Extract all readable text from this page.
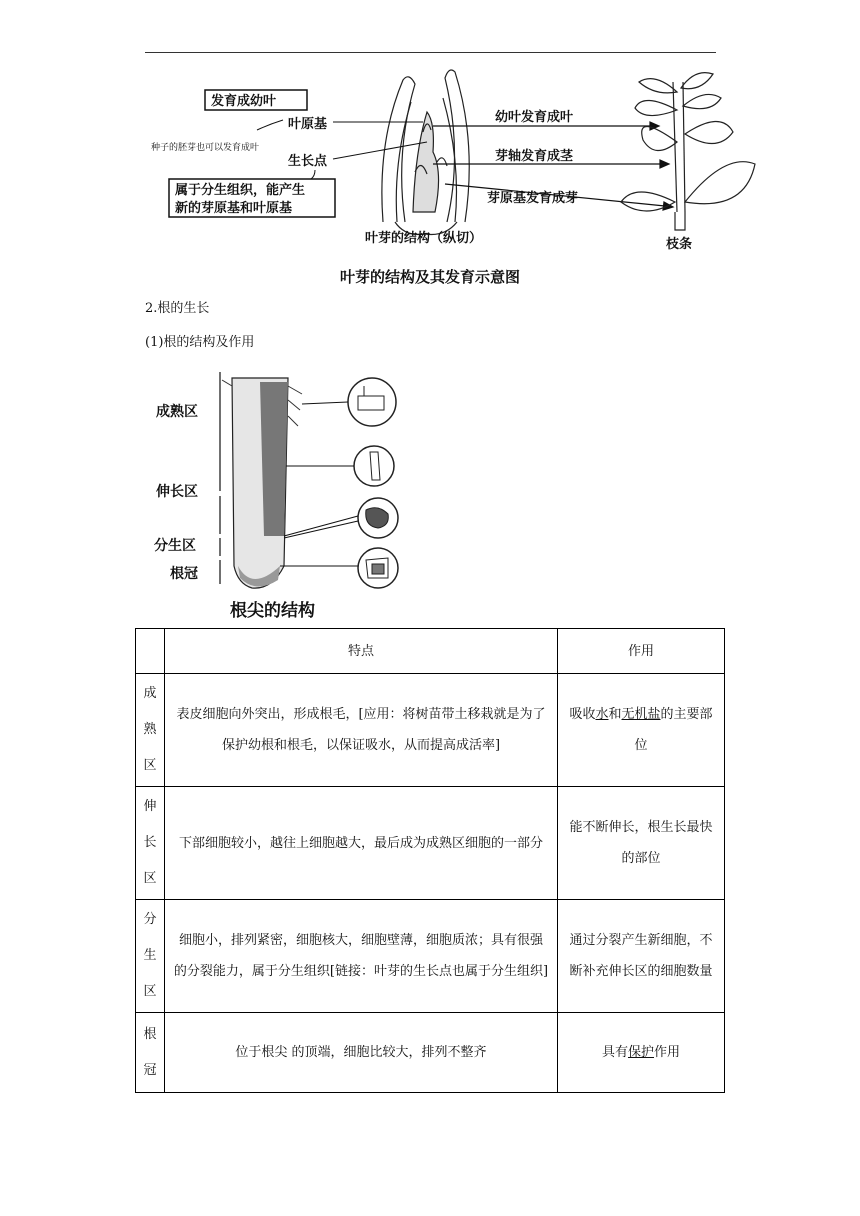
发育成幼叶
叶原基
种子的胚芽也可以发育成叶
生长点
属于分生组织，能产生
新的芽原基和叶原基
幼叶发育成叶
芽轴发育成茎
芽原基发育成芽
叶芽的结构（纵切）	枝条
叶芽的结构及其发育示意图
2.根的生长
(1)根的结构及作用
成熟区
伸长区
分生区
根冠
根尖的结构
	特点	作用
成熟区	表皮细胞向外突出，形成根毛，[应用：将树苗带土移栽就是为了保护幼根和根毛，以保证吸水，从而提高成活率]	吸收水和无机盐的主要部位
伸长区	下部细胞较小，越往上细胞越大，最后成为成熟区细胞的一部分	能不断伸长，根生长最快的部位
分生区	细胞小，排列紧密，细胞核大，细胞壁薄，细胞质浓；具有很强的分裂能力，属于分生组织[链接：叶芽的生长点也属于分生组织]	通过分裂产生新细胞，不断补充伸长区的细胞数量
根冠	位于根尖 的顶端，细胞比较大，排列不整齐	具有保护作用
